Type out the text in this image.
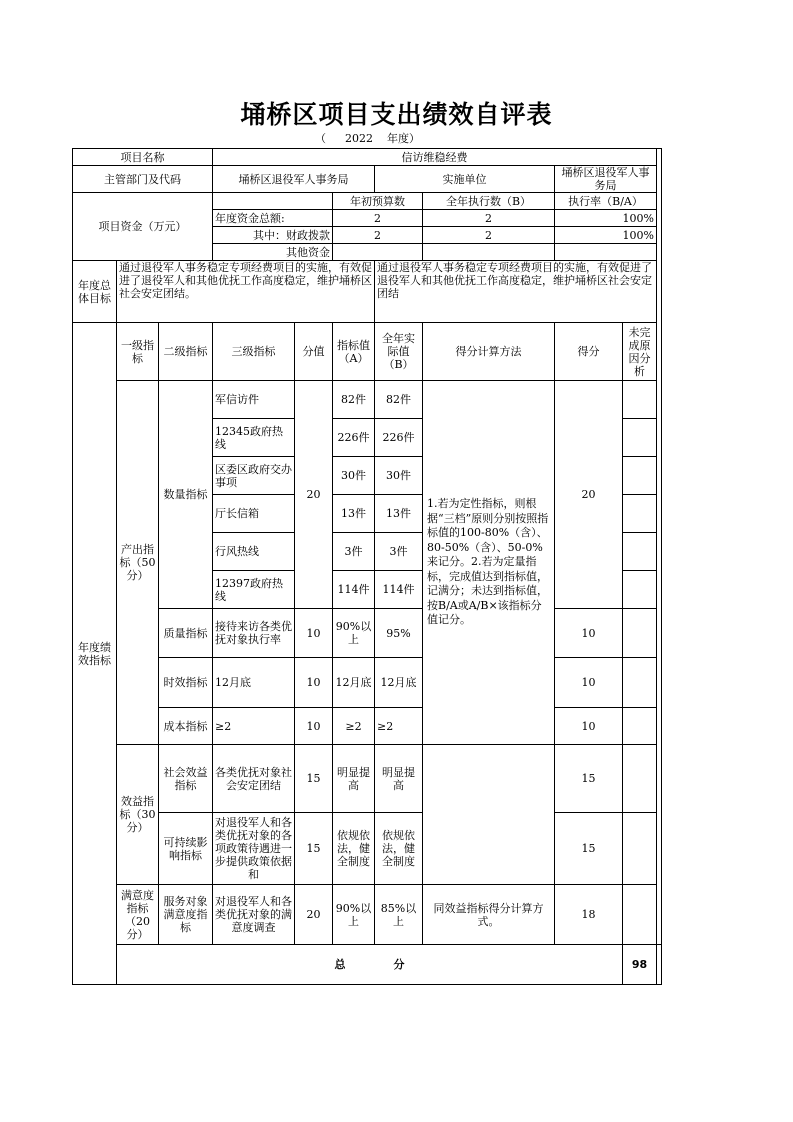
埇桥区项目支出绩效自评表
（ 2022 年度）
项目名称			信访维稳经费							
主管部门及代码			埇桥区退役军人事务局			实施单位		埇桥区退役军人事务局		
项目资金（万元）					年初预算数		全年执行数（B）	执行率（B/A）		
			年度资金总额:		2		2	100%		
			其中：财政拨款		2		2	100%		
			其他资金							
年度总体目标	通过退役军人事务稳定专项经费项目的实施，有效促进了退役军人和其他优抚工作高度稳定，维护埇桥区社会安定团结。					通过退役军人事务稳定专项经费项目的实施，有效促进了退役军人和其他优抚工作高度稳定，维护埇桥区社会安定团结				
年度绩效指标	一级指标	二级指标	三级指标	分值	指标值（A）	全年实际值（B）	得分计算方法	得分	未完成原因分析	
	产出指标（50分）	数量指标	军信访件	20	82件	82件	1.若为定性指标，则根据“三档”原则分别按照指标值的100-80%（含）、80-50%（含）、50-0%来记分。2.若为定量指标，完成值达到指标值，记满分；未达到指标值，按B/A或A/B×该指标分值记分。	20		
			12345政府热线		226件	226件				
			区委区政府交办事项		30件	30件				
			厅长信箱		13件	13件				
			行风热线		3件	3件				
			12397政府热线		114件	114件				
		质量指标	接待来访各类优抚对象执行率	10	90%以上	95%		10		
		时效指标	12月底	10	12月底	12月底		10		
		成本指标	≥2	10	≥2	≥2		10		
	效益指标（30分）	社会效益指标	各类优抚对象社会安定团结	15	明显提高	明显提高		15		
		可持续影响指标	对退役军人和各类优抚对象的各项政策待遇进一步提供政策依据和	15	依规依法，健全制度	依规依法，健全制度		15		
	满意度指标（20分）	服务对象满意度指标	对退役军人和各类优抚对象的满意度调查	20	90%以上	85%以上	同效益指标得分计算方式。	18		
	总 分								98	
